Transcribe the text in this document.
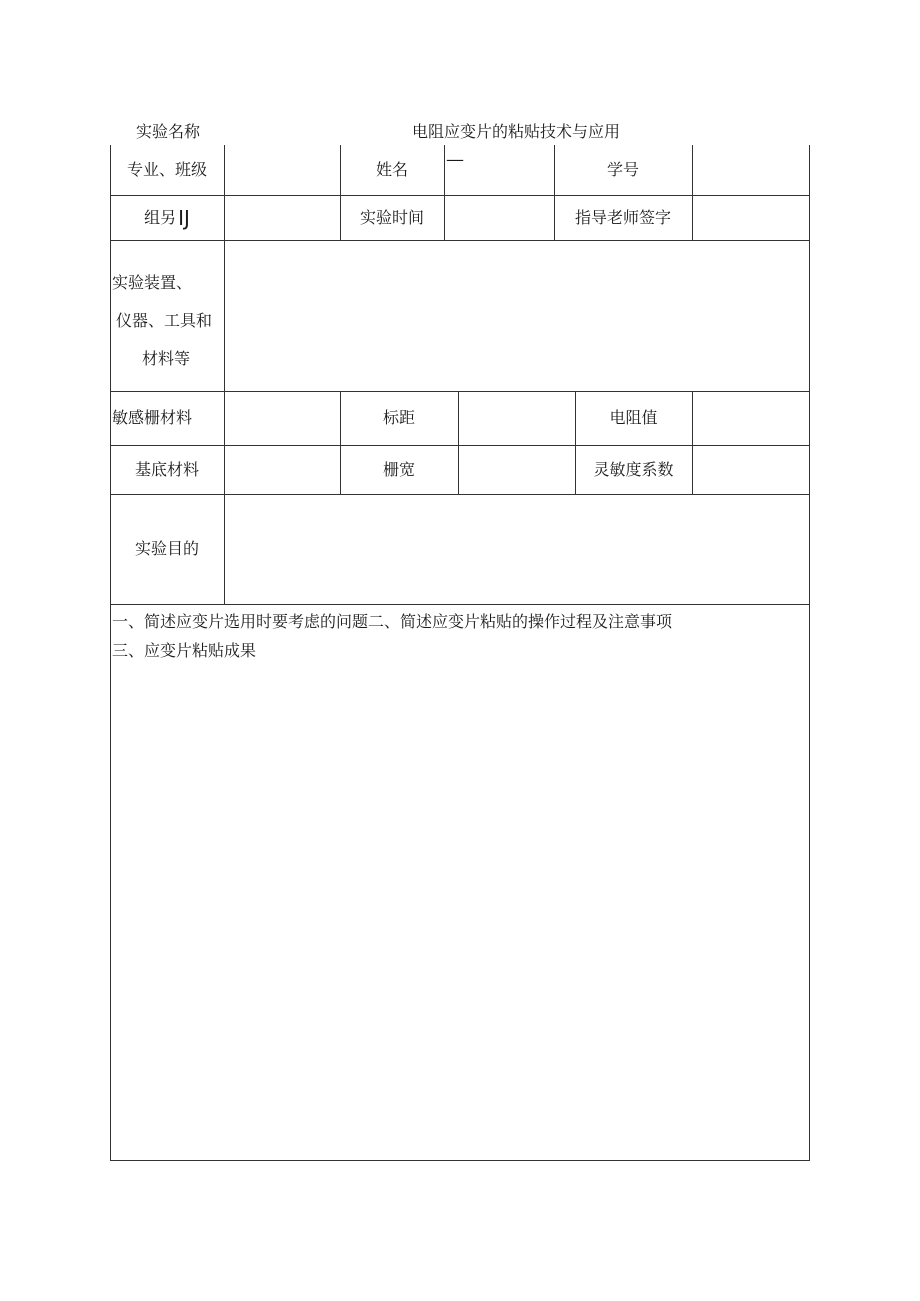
实验名称	电阻应变片的粘贴技术与应用
专业、班级	姓名	—	学号
组另 IJ	实验时间	指导老师签字
实验装置、
仪器、工具和
材料等
敏感栅材料	标距	电阻值
基底材料	栅宽	灵敏度系数
实验目的
一、简述应变片选用时要考虑的问题二、简述应变片粘贴的操作过程及注意事项
三、应变片粘贴成果
